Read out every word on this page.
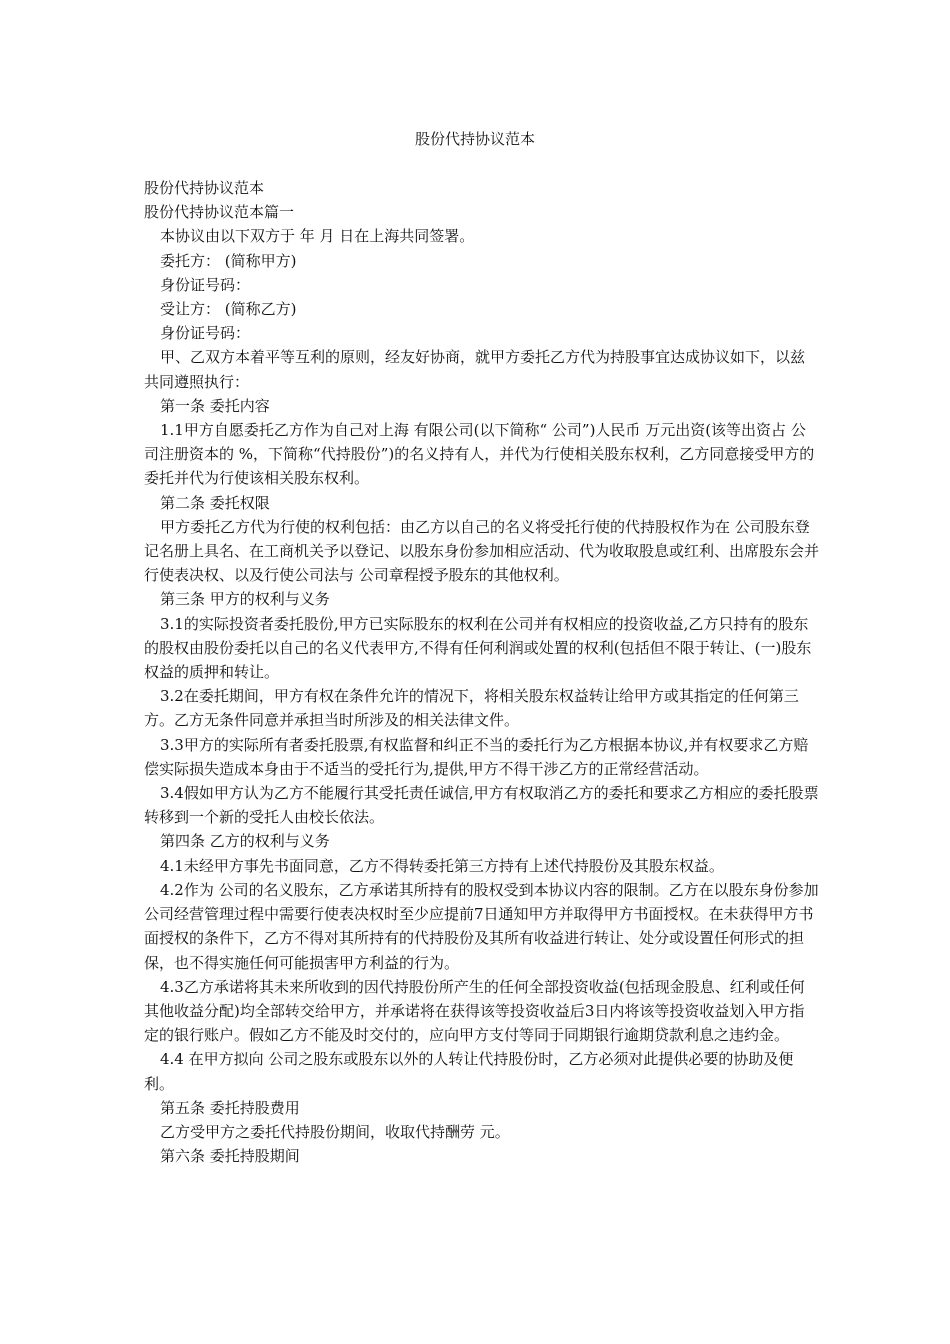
股份代持协议范本

股份代持协议范本

股份代持协议范本篇一

本协议由以下双方于 年 月 日在上海共同签署。

委托方： (简称甲方)

身份证号码：

受让方： (简称乙方)

身份证号码：

甲、乙双方本着平等互利的原则，经友好协商，就甲方委托乙方代为持股事宜达成协议如下，以兹共同遵照执行：

第一条 委托内容

1.1甲方自愿委托乙方作为自己对上海 有限公司(以下简称“ 公司”)人民币 万元出资(该等出资占 公司注册资本的 %，下简称“代持股份”)的名义持有人，并代为行使相关股东权利，乙方同意接受甲方的委托并代为行使该相关股东权利。

第二条 委托权限

甲方委托乙方代为行使的权利包括：由乙方以自己的名义将受托行使的代持股权作为在 公司股东登记名册上具名、在工商机关予以登记、以股东身份参加相应活动、代为收取股息或红利、出席股东会并行使表决权、以及行使公司法与 公司章程授予股东的其他权利。

第三条 甲方的权利与义务

3.1的实际投资者委托股份,甲方已实际股东的权利在公司并有权相应的投资收益,乙方只持有的股东的股权由股份委托以自己的名义代表甲方,不得有任何利润或处置的权利(包括但不限于转让、(一)股东权益的质押和转让。

3.2在委托期间，甲方有权在条件允许的情况下，将相关股东权益转让给甲方或其指定的任何第三方。乙方无条件同意并承担当时所涉及的相关法律文件。

3.3甲方的实际所有者委托股票,有权监督和纠正不当的委托行为乙方根据本协议,并有权要求乙方赔偿实际损失造成本身由于不适当的受托行为,提供,甲方不得干涉乙方的正常经营活动。

3.4假如甲方认为乙方不能履行其受托责任诚信,甲方有权取消乙方的委托和要求乙方相应的委托股票转移到一个新的受托人由校长依法。

第四条 乙方的权利与义务

4.1未经甲方事先书面同意，乙方不得转委托第三方持有上述代持股份及其股东权益。

4.2作为 公司的名义股东，乙方承诺其所持有的股权受到本协议内容的限制。乙方在以股东身份参加 公司经营管理过程中需要行使表决权时至少应提前7日通知甲方并取得甲方书面授权。在未获得甲方书面授权的条件下，乙方不得对其所持有的代持股份及其所有收益进行转让、处分或设置任何形式的担保，也不得实施任何可能损害甲方利益的行为。

4.3乙方承诺将其未来所收到的因代持股份所产生的任何全部投资收益(包括现金股息、红利或任何其他收益分配)均全部转交给甲方，并承诺将在获得该等投资收益后3日内将该等投资收益划入甲方指定的银行账户。假如乙方不能及时交付的，应向甲方支付等同于同期银行逾期贷款利息之违约金。

4.4 在甲方拟向 公司之股东或股东以外的人转让代持股份时，乙方必须对此提供必要的协助及便利。

第五条 委托持股费用

乙方受甲方之委托代持股份期间，收取代持酬劳 元。

第六条 委托持股期间
